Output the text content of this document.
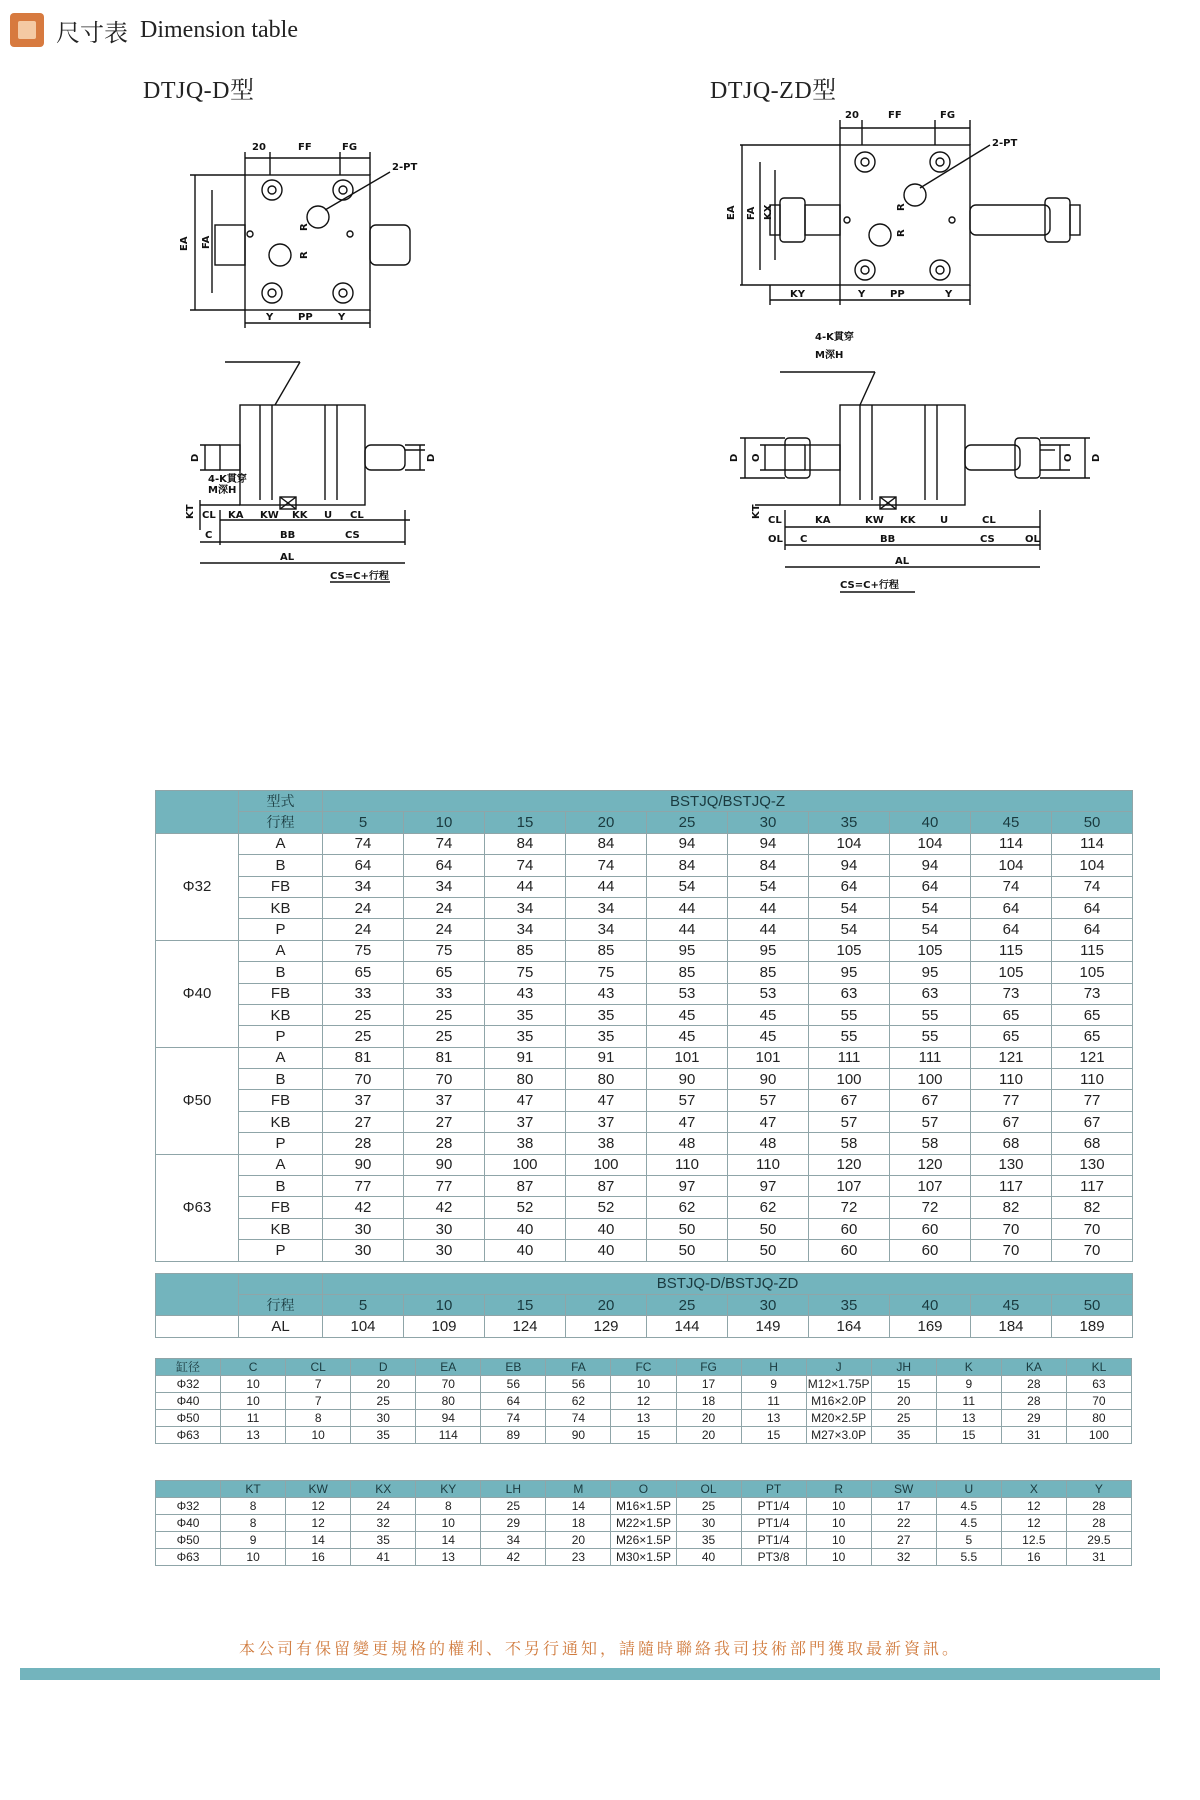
尺寸表 Dimension table
DTJQ-D型	DTJQ-ZD型
20	FF	FG
2-PT
EA FA
R
R
Y PP	Y
D
4-K貫穿
M深H
KT CL KA KW KK U CL
C	BB	CS
AL
CS=C+行程
D
20	FF	FG
2-PT
EA FA KX	R
R
KY	Y PP	Y
4-K貫穿
M深H
D O
KT
CL	KA	KW KK U	CL
OL C	BB	CS	OL
AL
CS=C+行程
O D
	型式	BSTJQ/BSTJQ-Z									
	行程	5	10	15	20	25	30	35	40	45	50
Φ32	A	74	74	84	84	94	94	104	104	114	114
	B	64	64	74	74	84	84	94	94	104	104
	FB	34	34	44	44	54	54	64	64	74	74
	KB	24	24	34	34	44	44	54	54	64	64
	P	24	24	34	34	44	44	54	54	64	64
Φ40	A	75	75	85	85	95	95	105	105	115	115
	B	65	65	75	75	85	85	95	95	105	105
	FB	33	33	43	43	53	53	63	63	73	73
	KB	25	25	35	35	45	45	55	55	65	65
	P	25	25	35	35	45	45	55	55	65	65
Φ50	A	81	81	91	91	101	101	111	111	121	121
	B	70	70	80	80	90	90	100	100	110	110
	FB	37	37	47	47	57	57	67	67	77	77
	KB	27	27	37	37	47	47	57	57	67	67
	P	28	28	38	38	48	48	58	58	68	68
Φ63	A	90	90	100	100	110	110	120	120	130	130
	B	77	77	87	87	97	97	107	107	117	117
	FB	42	42	52	52	62	62	72	72	82	82
	KB	30	30	40	40	50	50	60	60	70	70
	P	30	30	40	40	50	50	60	60	70	70

		BSTJQ-D/BSTJQ-ZD									
	行程	5	10	15	20	25	30	35	40	45	50
	AL	104	109	124	129	144	149	164	169	184	189
缸径	C	CL	D	EA	EB	FA	FC	FG	H	J	JH	K	KA	KL
Φ32	10	7	20	70	56	56	10	17	9	M12×1.75P	15	9	28	63
Φ40	10	7	25	80	64	62	12	18	11	M16×2.0P	20	11	28	70
Φ50	11	8	30	94	74	74	13	20	13	M20×2.5P	25	13	29	80
Φ63	13	10	35	114	89	90	15	20	15	M27×3.0P	35	15	31	100
	KT	KW	KX	KY	LH	M	O	OL	PT	R	SW	U	X	Y
Φ32	8	12	24	8	25	14	M16×1.5P	25	PT1/4	10	17	4.5	12	28
Φ40	8	12	32	10	29	18	M22×1.5P	30	PT1/4	10	22	4.5	12	28
Φ50	9	14	35	14	34	20	M26×1.5P	35	PT1/4	10	27	5	12.5	29.5
Φ63	10	16	41	13	42	23	M30×1.5P	40	PT3/8	10	32	5.5	16	31
本公司有保留變更規格的權利、不另行通知，請隨時聯絡我司技術部門獲取最新資訊。
